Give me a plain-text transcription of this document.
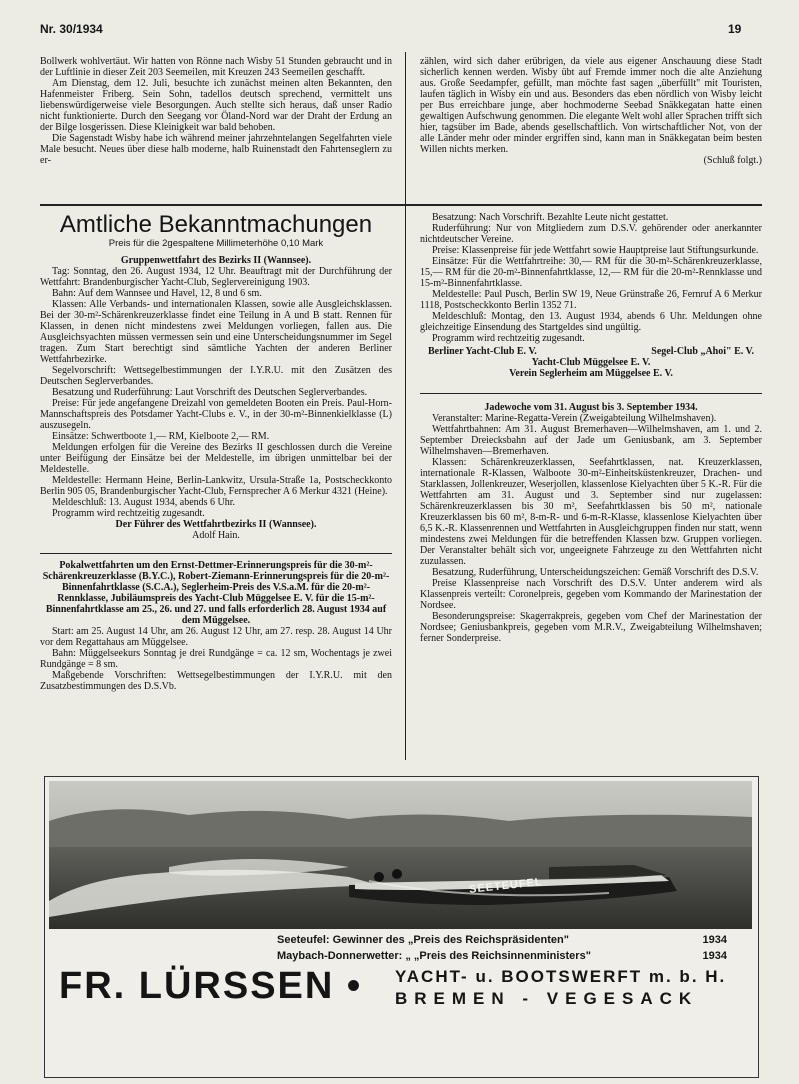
Nr. 30/1934	19

Bollwerk wohlvertäut. Wir hatten von Rönne nach Wisby 51 Stunden gebraucht und in der Luftlinie in dieser Zeit 203 Seemeilen, mit Kreuzen 243 Seemeilen geschafft.

Am Dienstag, dem 12. Juli, besuchte ich zunächst meinen alten Bekannten, den Hafenmeister Friberg. Sein Sohn, tadellos deutsch sprechend, vermittelt uns liebenswürdigerweise viele Besorgungen. Auch stellte sich heraus, daß unser Radio nicht funktionierte. Durch den Seegang vor Öland-Nord war der Draht der Erdung an der Bilge losgerissen. Diese Kleinigkeit war bald behoben.

Die Sagenstadt Wisby habe ich während meiner jahrzehntelangen Segelfahrten viele Male besucht. Neues über diese halb moderne, halb Ruinenstadt den Fahrtenseglern zu er-

zählen, wird sich daher erübrigen, da viele aus eigener Anschauung diese Stadt sicherlich kennen werden. Wisby übt auf Fremde immer noch die alte Anziehung aus. Große Seedampfer, gefüllt, man möchte fast sagen „überfüllt" mit Touristen, laufen täglich in Wisby ein und aus. Besonders das eben nördlich von Wisby leicht per Bus erreichbare junge, aber hochmoderne Seebad Snäkkegatan hatte einen gewaltigen Aufschwung genommen. Die elegante Welt wohl aller Sprachen trifft sich hier, tagsüber im Bade, abends gesellschaftlich. Von wirtschaftlicher Not, von der alle Länder mehr oder minder ergriffen sind, kann man in Snäkkegatan beim besten Willen nichts merken.

(Schluß folgt.)

Amtliche Bekanntmachungen
Preis für die 2gespaltene Millimeterhöhe 0,10 Mark

Gruppenwettfahrt des Bezirks II (Wannsee).

Tag: Sonntag, den 26. August 1934, 12 Uhr. Beauftragt mit der Durchführung der Wettfahrt: Brandenburgischer Yacht-Club, Seglervereinigung 1903.

Bahn: Auf dem Wannsee und Havel, 12, 8 und 6 sm.

Klassen: Alle Verbands- und internationalen Klassen, sowie alle Ausgleichsklassen. Bei der 30-m²-Schärenkreuzerklasse findet eine Teilung in A und B statt. Rennen für Klassen, in denen nicht mindestens zwei Meldungen vorliegen, fallen aus. Die Ausgleichsyachten müssen vermessen sein und eine Unterscheidungsnummer im Segel tragen. Zum Start berechtigt sind sämtliche Yachten der anderen Berliner Wettfahrbezirke.

Segelvorschrift: Wettsegelbestimmungen der I.Y.R.U. mit den Zusätzen des Deutschen Seglerverbandes.

Besatzung und Ruderführung: Laut Vorschrift des Deutschen Seglerverbandes.

Preise: Für jede angefangene Dreizahl von gemeldeten Booten ein Preis. Paul-Horn-Mannschaftspreis des Potsdamer Yacht-Clubs e. V., in der 30-m²-Binnenkielklasse (L) auszusegeln.

Einsätze: Schwertboote 1,— RM, Kielboote 2,— RM.

Meldungen erfolgen für die Vereine des Bezirks II geschlossen durch die Vereine unter Beifügung der Einsätze bei der Meldestelle, im übrigen unmittelbar bei der Meldestelle.

Meldestelle: Hermann Heine, Berlin-Lankwitz, Ursula-Straße 1a, Postscheckkonto Berlin 905 05, Brandenburgischer Yacht-Club, Fernsprecher A 6 Merkur 4321 (Heine).

Meldeschluß: 13. August 1934, abends 6 Uhr.

Programm wird rechtzeitig zugesandt.

Der Führer des Wettfahrtbezirks II (Wannsee).

Adolf Hain.

Pokalwettfahrten um den Ernst-Dettmer-Erinnerungspreis für die 30-m²-Schärenkreuzerklasse (B.Y.C.), Robert-Ziemann-Erinnerungspreis für die 20-m²-Binnenfahrtklasse (S.C.A.), Seglerheim-Preis des V.S.a.M. für die 20-m²-Rennklasse, Jubiläumspreis des Yacht-Club Müggelsee E. V. für die 15-m²-Binnenfahrtklasse am 25., 26. und 27. und falls erforderlich 28. August 1934 auf dem Müggelsee.

Start: am 25. August 14 Uhr, am 26. August 12 Uhr, am 27. resp. 28. August 14 Uhr vor dem Regattahaus am Müggelsee.

Bahn: Müggelseekurs Sonntag je drei Rundgänge = ca. 12 sm, Wochentags je zwei Rundgänge = 8 sm.

Maßgebende Vorschriften: Wettsegelbestimmungen der I.Y.R.U. mit den Zusatzbestimmungen des D.S.Vb.

Besatzung: Nach Vorschrift. Bezahlte Leute nicht gestattet.

Ruderführung: Nur von Mitgliedern zum D.S.V. gehörender oder anerkannter nichtdeutscher Vereine.

Preise: Klassenpreise für jede Wettfahrt sowie Hauptpreise laut Stiftungsurkunde.

Einsätze: Für die Wettfahrtreihe: 30,— RM für die 30-m²-Schärenkreuzerklasse, 15,— RM für die 20-m²-Binnenfahrtklasse, 12,— RM für die 20-m²-Rennklasse und 15-m²-Binnenfahrtklasse.

Meldestelle: Paul Pusch, Berlin SW 19, Neue Grünstraße 26, Fernruf A 6 Merkur 1118, Postscheckkonto Berlin 1352 71.

Meldeschluß: Montag, den 13. August 1934, abends 6 Uhr. Meldungen ohne gleichzeitige Einsendung des Startgeldes sind ungültig.

Programm wird rechtzeitig zugesandt.

Berliner Yacht-Club E. V.	Segel-Club „Ahoi" E. V.

Yacht-Club Müggelsee E. V.

Verein Seglerheim am Müggelsee E. V.

Jadewoche vom 31. August bis 3. September 1934.

Veranstalter: Marine-Regatta-Verein (Zweigabteilung Wilhelmshaven).

Wettfahrtbahnen: Am 31. August Bremerhaven—Wilhelmshaven, am 1. und 2. September Dreiecksbahn auf der Jade um Geniusbank, am 3. September Wilhelmshaven—Bremerhaven.

Klassen: Schärenkreuzerklassen, Seefahrtklassen, nat. Kreuzerklassen, internationale R-Klassen, Walboote 30-m²-Einheitsküstenkreuzer, Drachen- und Starklassen, Jollenkreuzer, Weserjollen, klassenlose Kielyachten über 5 K.-R. Für die Wettfahrten am 31. August und 3. September sind nur zugelassen: Schärenkreuzerklassen bis 30 m², Seefahrtklassen bis 50 m², nationale Kreuzerklassen bis 60 m², 8-m-R- und 6-m-R-Klasse, klassenlose Kielyachten über 6,5 K.-R. Klassenrennen und Wettfahrten in Ausgleichgruppen finden nur statt, wenn mindestens zwei Meldungen für die betreffenden Klassen bzw. Gruppen vorliegen. Der Veranstalter behält sich vor, ungeeignete Fahrzeuge zu den Wettfahrten nicht zuzulassen.

Besatzung, Ruderführung, Unterscheidungszeichen: Gemäß Vorschrift des D.S.V.

Preise Klassenpreise nach Vorschrift des D.S.V. Unter anderem wird als Klassenpreis verteilt: Coronelpreis, gegeben vom Kommando der Marinestation der Nordsee.

Besonderungspreise: Skagerrakpreis, gegeben vom Chef der Marinestation der Nordsee; Geniusbankpreis, gegeben vom M.R.V., Zweigabteilung Wilhelmshaven; ferner Sonderpreise.

SEETEUFEL
Seeteufel: Gewinner des „Preis des Reichspräsidenten"	1934
Maybach-Donnerwetter: „ „Preis des Reichsinnenministers"	1934
FR. LÜRSSEN • YACHT- u. BOOTSWERFT m. b. H.
BREMEN - VEGESACK
